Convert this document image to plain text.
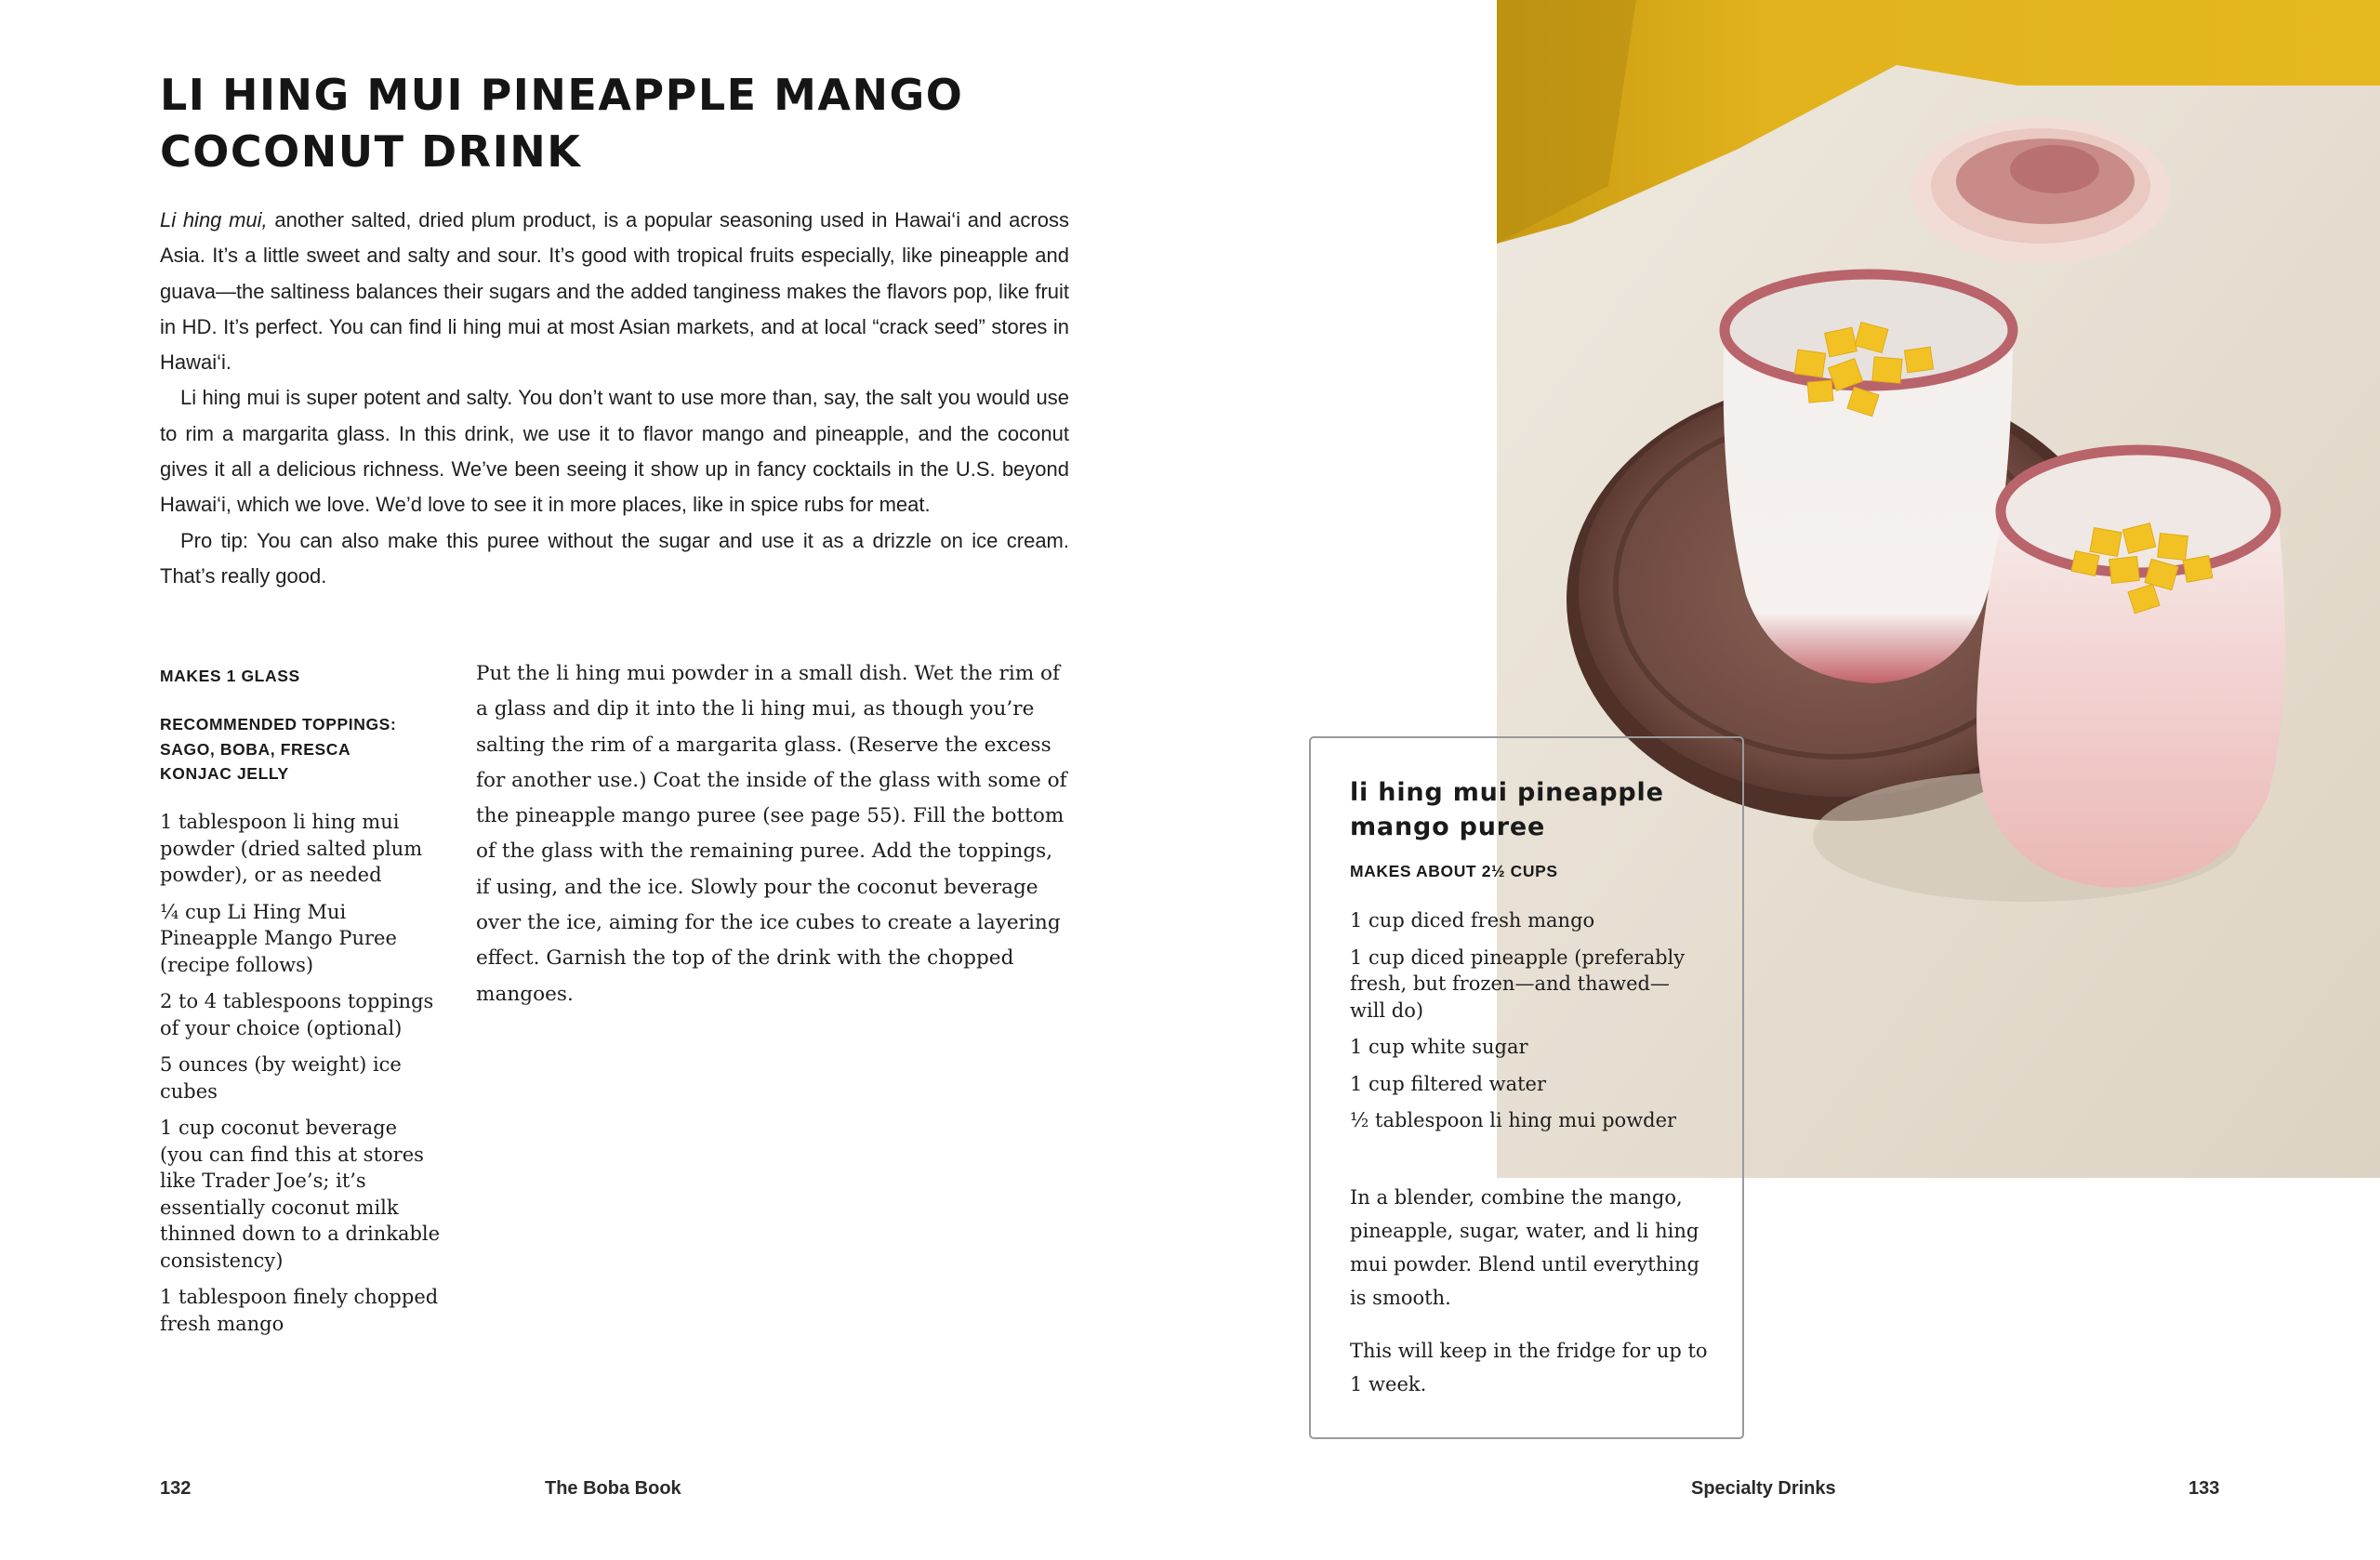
LI HING MUI PINEAPPLE MANGO
COCONUT DRINK

Li hing mui, another salted, dried plum product, is a popular seasoning used in Hawai‘i and across Asia. It’s a little sweet and salty and sour. It’s good with tropical fruits especially, like pineapple and guava—the saltiness balances their sugars and the added tanginess makes the flavors pop, like fruit in HD. It’s perfect. You can find li hing mui at most Asian markets, and at local “crack seed” stores in Hawai‘i.

Li hing mui is super potent and salty. You don’t want to use more than, say, the salt you would use to rim a margarita glass. In this drink, we use it to flavor mango and pineapple, and the coconut gives it all a delicious richness. We’ve been seeing it show up in fancy cocktails in the U.S. beyond Hawai‘i, which we love. We’d love to see it in more places, like in spice rubs for meat.

Pro tip: You can also make this puree without the sugar and use it as a drizzle on ice cream. That’s really good.

MAKES 1 GLASS
RECOMMENDED TOPPINGS:
SAGO, BOBA, FRESCA
KONJAC JELLY
1 tablespoon li hing mui powder (dried salted plum powder), or as needed
¼ cup Li Hing Mui Pineapple Mango Puree (recipe follows)
2 to 4 tablespoons toppings of your choice (optional)
5 ounces (by weight) ice cubes
1 cup coconut beverage (you can find this at stores like Trader Joe’s; it’s essentially coconut milk thinned down to a drinkable consistency)
1 tablespoon finely chopped fresh mango

Put the li hing mui powder in a small dish. Wet the rim of a glass and dip it into the li hing mui, as though you’re salting the rim of a margarita glass. (Reserve the excess for another use.) Coat the inside of the glass with some of the pineapple mango puree (see page 55). Fill the bottom of the glass with the remaining puree. Add the toppings, if using, and the ice. Slowly pour the coconut beverage over the ice, aiming for the ice cubes to create a layering effect. Garnish the top of the drink with the chopped mangoes.

li hing mui pineapple
mango puree
MAKES ABOUT 2½ CUPS
1 cup diced fresh mango
1 cup diced pineapple (preferably fresh, but frozen—and thawed—will do)
1 cup white sugar
1 cup filtered water
½ tablespoon li hing mui powder

In a blender, combine the mango, pineapple, sugar, water, and li hing mui powder. Blend until everything is smooth.

This will keep in the fridge for up to 1 week.

132	The Boba Book	Specialty Drinks	133
